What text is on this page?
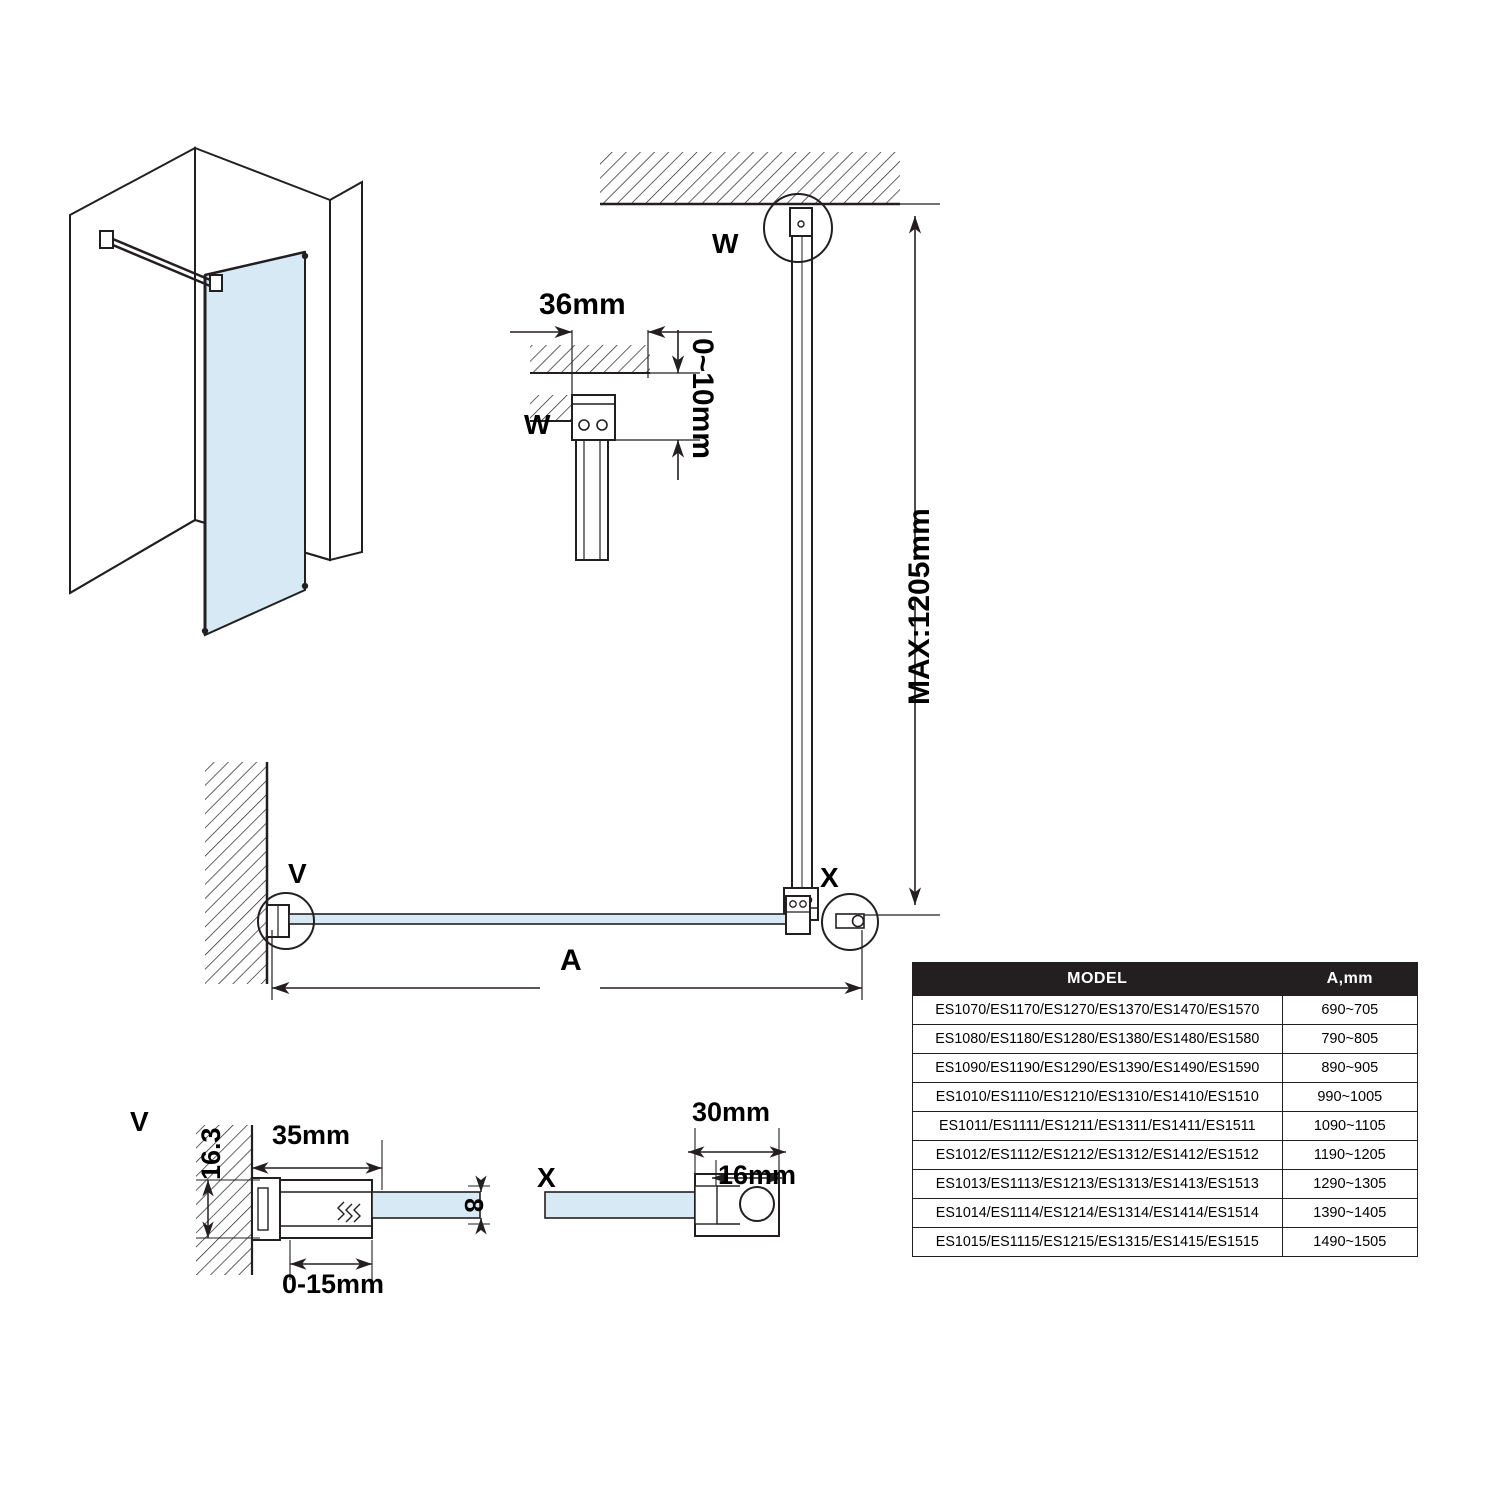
W
W
36mm
0~10mm
MAX:1205mm
V	X
A
V
16.3 35mm
0-15mm
8
X
30mm
16mm
MODEL	A,mm
ES1070/ES1170/ES1270/ES1370/ES1470/ES1570	690~705
ES1080/ES1180/ES1280/ES1380/ES1480/ES1580	790~805
ES1090/ES1190/ES1290/ES1390/ES1490/ES1590	890~905
ES1010/ES1110/ES1210/ES1310/ES1410/ES1510	990~1005
ES1011/ES1111/ES1211/ES1311/ES1411/ES1511	1090~1105
ES1012/ES1112/ES1212/ES1312/ES1412/ES1512	1190~1205
ES1013/ES1113/ES1213/ES1313/ES1413/ES1513	1290~1305
ES1014/ES1114/ES1214/ES1314/ES1414/ES1514	1390~1405
ES1015/ES1115/ES1215/ES1315/ES1415/ES1515	1490~1505
